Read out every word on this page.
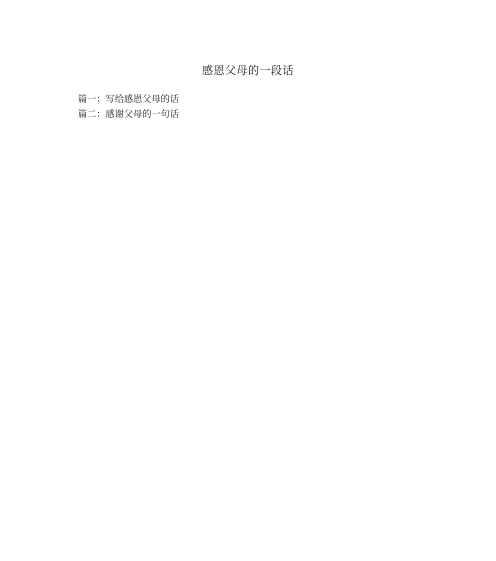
感恩父母的一段话
篇一：写给感恩父母的话

篇二：感谢父母的一句话
